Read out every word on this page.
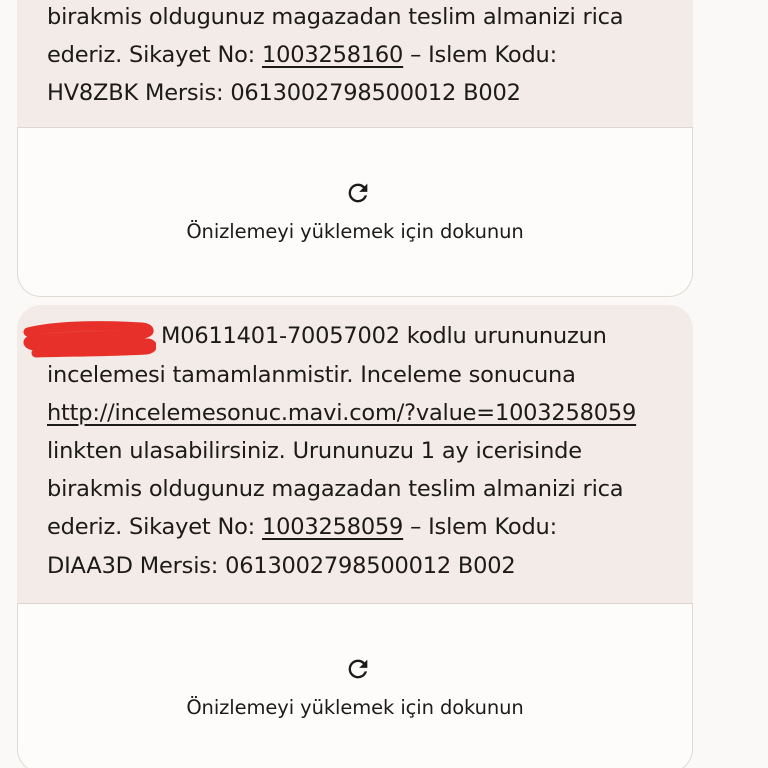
birakmis oldugunuz magazadan teslim almanizi rica
ederiz. Sikayet No: 1003258160 – Islem Kodu:
HV8ZBK Mersis: 0613002798500012 B002
Önizlemeyi yüklemek için dokunun
M0611401-70057002 kodlu urununuzun
incelemesi tamamlanmistir. Inceleme sonucuna
http://incelemesonuc.mavi.com/?value=1003258059
linkten ulasabilirsiniz. Urununuzu 1 ay icerisinde
birakmis oldugunuz magazadan teslim almanizi rica
ederiz. Sikayet No: 1003258059 – Islem Kodu:
DIAA3D Mersis: 0613002798500012 B002
Önizlemeyi yüklemek için dokunun
